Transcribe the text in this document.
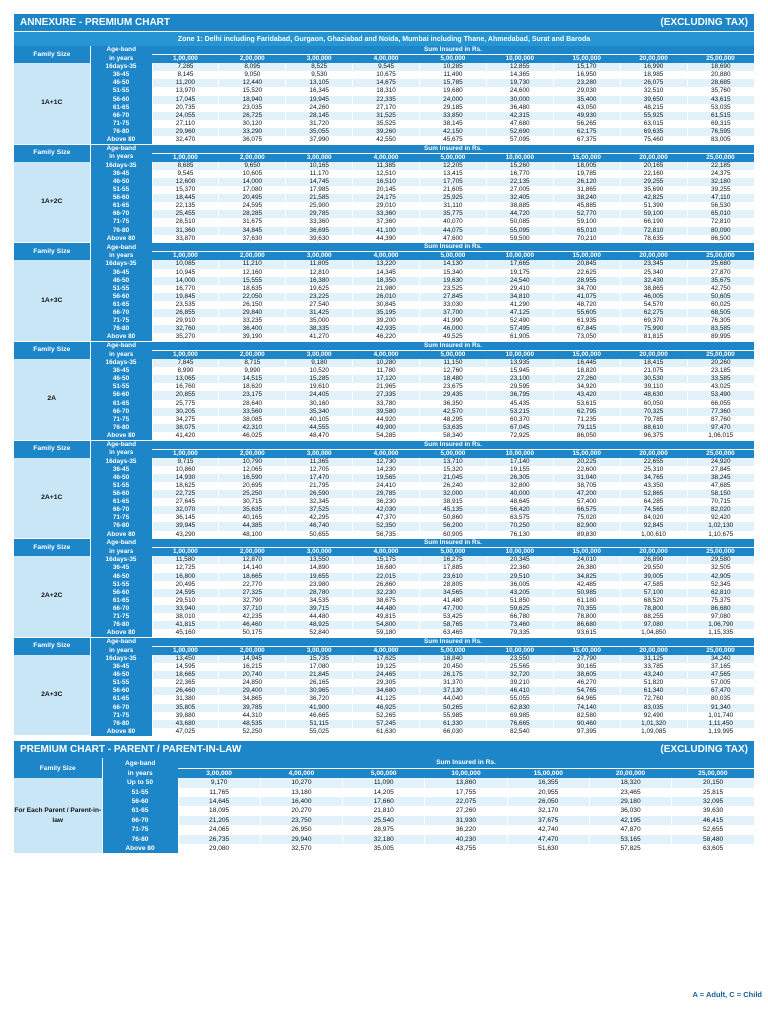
ANNEXURE - PREMIUM CHART	(EXCLUDING TAX)
Zone 1: Delhi including Faridabad, Gurgaon, Ghaziabad and Noida, Mumbai including Thane, Ahmedabad, Surat and Baroda
Family Size	Age-band	Sum Insured in Rs.								
	in years	1,00,000	2,00,000	3,00,000	4,00,000	5,00,000	10,00,000	15,00,000	20,00,000	25,00,000
1A+1C	16days-35	7,285	8,095	8,525	9,545	10,285	12,855	15,170	16,990	18,690
	36-45	8,145	9,050	9,530	10,675	11,490	14,365	16,950	18,985	20,880
	46-50	11,200	12,440	13,105	14,675	15,785	19,730	23,280	26,075	28,685
	51-55	13,970	15,520	16,345	18,310	19,680	24,600	29,030	32,510	35,760
	56-60	17,045	18,940	19,945	22,335	24,000	30,000	35,400	39,650	43,615
	61-65	20,735	23,035	24,260	27,170	29,185	36,480	43,050	48,215	53,035
	66-70	24,055	26,725	28,145	31,525	33,850	42,315	49,930	55,925	61,515
	71-75	27,110	30,120	31,720	35,525	38,145	47,680	56,265	63,015	69,315
	76-80	29,960	33,290	35,055	39,260	42,150	52,690	62,175	69,635	76,595
	Above 80	32,470	36,075	37,990	42,550	45,675	57,095	67,375	75,460	83,005
Family Size	Age-band	Sum Insured in Rs.								
	in years	1,00,000	2,00,000	3,00,000	4,00,000	5,00,000	10,00,000	15,00,000	20,00,000	25,00,000
1A+2C	16days-35	8,685	9,650	10,165	11,385	12,205	15,260	18,005	20,165	22,185
	36-45	9,545	10,605	11,170	12,510	13,415	16,770	19,785	22,160	24,375
	46-50	12,600	14,000	14,745	16,510	17,705	22,135	26,120	29,255	32,180
	51-55	15,370	17,080	17,985	20,145	21,605	27,005	31,865	35,690	39,255
	56-60	18,445	20,495	21,585	24,175	25,925	32,405	38,240	42,825	47,110
	61-65	22,135	24,595	25,900	29,010	31,110	38,885	45,885	51,390	56,530
	66-70	25,455	28,285	29,785	33,360	35,775	44,720	52,770	59,100	65,010
	71-75	28,510	31,675	33,360	37,360	40,070	50,085	59,100	66,190	72,810
	76-80	31,360	34,845	36,695	41,100	44,075	55,095	65,010	72,810	80,090
	Above 80	33,870	37,630	39,630	44,390	47,600	59,500	70,210	78,635	86,500
Family Size	Age-band	Sum Insured in Rs.								
	in years	1,00,000	2,00,000	3,00,000	4,00,000	5,00,000	10,00,000	15,00,000	20,00,000	25,00,000
1A+3C	16days-35	10,085	11,210	11,805	13,220	14,130	17,665	20,845	23,345	25,680
	36-45	10,945	12,160	12,810	14,345	15,340	19,175	22,625	25,340	27,870
	46-50	14,000	15,555	16,380	18,350	19,630	24,540	28,955	32,430	35,675
	51-55	16,770	18,635	19,625	21,980	23,525	29,410	34,700	38,865	42,750
	56-60	19,845	22,050	23,225	26,010	27,845	34,810	41,075	46,005	50,605
	61-65	23,535	26,150	27,540	30,845	33,030	41,290	48,720	54,570	60,025
	66-70	26,855	29,840	31,425	35,195	37,700	47,125	55,605	62,275	68,505
	71-75	29,910	33,235	35,000	39,200	41,990	52,490	61,935	69,370	76,305
	76-80	32,760	36,400	38,335	42,935	46,000	57,495	67,845	75,990	83,585
	Above 80	35,270	39,190	41,270	46,220	49,525	61,905	73,050	81,815	89,995
Family Size	Age-band	Sum Insured in Rs.								
	in years	1,00,000	2,00,000	3,00,000	4,00,000	5,00,000	10,00,000	15,00,000	20,00,000	25,00,000
2A	16days-35	7,845	8,715	9,180	10,280	11,150	13,935	16,445	18,415	20,260
	36-45	8,990	9,990	10,520	11,780	12,760	15,945	18,820	21,075	23,185
	46-50	13,065	14,515	15,285	17,120	18,480	23,100	27,260	30,530	33,585
	51-55	16,760	18,620	19,610	21,965	23,675	29,595	34,920	39,110	43,025
	56-60	20,855	23,175	24,405	27,335	29,435	36,795	43,420	48,630	53,490
	61-65	25,775	28,640	30,160	33,780	36,350	45,435	53,615	60,050	66,055
	66-70	30,205	33,560	35,340	39,580	42,570	53,215	62,795	70,325	77,360
	71-75	34,275	38,085	40,105	44,920	48,295	60,370	71,235	79,785	87,760
	76-80	38,075	42,310	44,555	49,900	53,635	67,045	79,115	88,610	97,470
	Above 80	41,420	46,025	48,470	54,285	58,340	72,925	86,050	96,375	1,06,015
Family Size	Age-band	Sum Insured in Rs.								
	in years	1,00,000	2,00,000	3,00,000	4,00,000	5,00,000	10,00,000	15,00,000	20,00,000	25,00,000
2A+1C	16days-35	9,715	10,790	11,365	12,730	13,710	17,140	20,225	22,655	24,920
	36-45	10,860	12,065	12,705	14,230	15,320	19,155	22,600	25,310	27,845
	46-50	14,930	16,590	17,470	19,565	21,045	26,305	31,040	34,765	38,245
	51-55	18,625	20,695	21,795	24,410	26,240	32,800	38,705	43,350	47,685
	56-60	22,725	25,250	26,590	29,785	32,000	40,000	47,200	52,865	58,150
	61-65	27,645	30,715	32,345	36,230	38,915	48,645	57,400	64,285	70,715
	66-70	32,070	35,635	37,525	42,030	45,135	56,420	66,575	74,565	82,020
	71-75	36,145	40,165	42,295	47,370	50,860	63,575	75,020	84,020	92,420
	76-80	39,945	44,385	46,740	52,350	56,200	70,250	82,900	92,845	1,02,130
	Above 80	43,290	48,100	50,655	56,735	60,905	76,130	89,830	1,00,610	1,10,675
Family Size	Age-band	Sum Insured in Rs.								
	in years	1,00,000	2,00,000	3,00,000	4,00,000	5,00,000	10,00,000	15,00,000	20,00,000	25,00,000
2A+2C	16days-35	11,580	12,870	13,550	15,175	16,275	20,345	24,010	26,890	29,580
	36-45	12,725	14,140	14,890	16,680	17,885	22,360	26,380	29,550	32,505
	46-50	16,800	18,665	19,655	22,015	23,610	29,510	34,825	39,005	42,905
	51-55	20,495	22,770	23,980	26,860	28,805	36,005	42,485	47,585	52,345
	56-60	24,595	27,325	28,780	32,230	34,565	43,205	50,985	57,100	62,810
	61-65	29,510	32,790	34,535	38,675	41,480	51,850	61,180	68,520	75,375
	66-70	33,940	37,710	39,715	44,480	47,700	59,625	70,355	78,800	86,680
	71-75	38,010	42,235	44,480	49,815	53,425	66,780	78,800	88,255	97,080
	76-80	41,815	46,460	48,925	54,800	58,765	73,460	86,680	97,080	1,06,790
	Above 80	45,160	50,175	52,840	59,180	63,465	79,335	93,615	1,04,850	1,15,335
Family Size	Age-band	Sum Insured in Rs.								
	in years	1,00,000	2,00,000	3,00,000	4,00,000	5,00,000	10,00,000	15,00,000	20,00,000	25,00,000
2A+3C	16days-35	13,450	14,945	15,735	17,625	18,840	23,550	27,790	31,125	34,240
	36-45	14,595	16,215	17,080	19,125	20,450	25,565	30,165	33,785	37,165
	46-50	18,665	20,740	21,845	24,465	26,175	32,720	38,605	43,240	47,565
	51-55	22,365	24,850	26,165	29,305	31,370	39,210	46,270	51,820	57,005
	56-60	26,460	29,400	30,965	34,680	37,130	46,410	54,765	61,340	67,470
	61-65	31,380	34,865	36,720	41,125	44,040	55,055	64,965	72,760	80,035
	66-70	35,805	39,785	41,900	46,925	50,265	62,830	74,140	83,035	91,340
	71-75	39,880	44,310	46,665	52,265	55,985	69,985	82,580	92,490	1,01,740
	76-80	43,680	48,535	51,115	57,245	61,330	76,665	90,460	1,01,320	1,11,450
	Above 80	47,025	52,250	55,025	61,630	66,030	82,540	97,395	1,09,085	1,19,995
PREMIUM CHART - PARENT / PARENT-IN-LAW	(EXCLUDING TAX)
Family Size	Age-band	Sum Insured in Rs.						
	in years	3,00,000	4,00,000	5,00,000	10,00,000	15,00,000	20,00,000	25,00,000
For Each Parent / Parent-in-law	Up to 50	9,170	10,270	11,090	13,860	16,355	18,320	20,150
	51-55	11,765	13,180	14,205	17,755	20,955	23,465	25,815
	56-60	14,645	16,400	17,660	22,075	26,050	29,180	32,095
	61-65	18,095	20,270	21,810	27,260	32,170	36,030	39,630
	66-70	21,205	23,750	25,540	31,930	37,675	42,195	46,415
	71-75	24,065	26,950	28,975	36,220	42,740	47,870	52,655
	76-80	26,735	29,940	32,180	40,230	47,470	53,165	58,480
	Above 80	29,080	32,570	35,005	43,755	51,630	57,825	63,605
A = Adult, C = Child
